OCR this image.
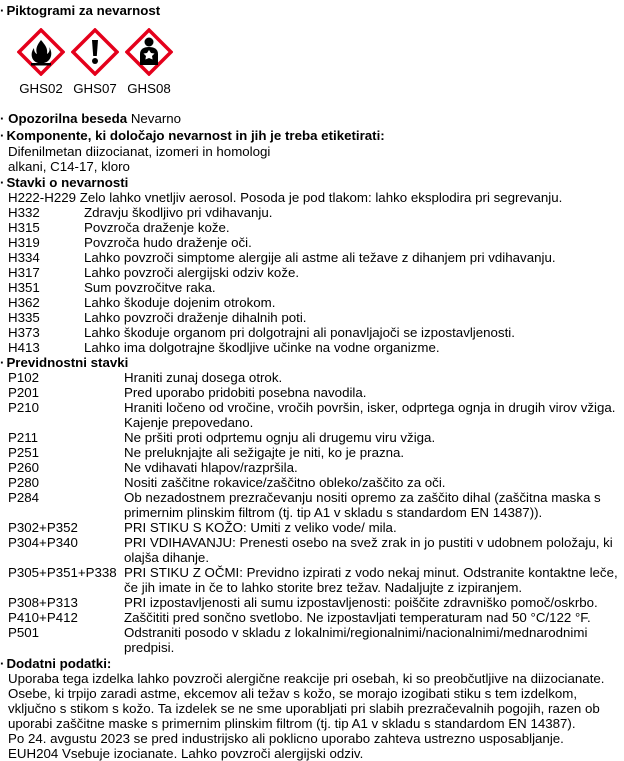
· Piktogrami za nevarnost
GHS02 GHS07 GHS08
· Opozorilna beseda Nevarno
· Komponente, ki določajo nevarnost in jih je treba etiketirati:
Difenilmetan diizocianat, izomeri in homologi
alkani, C14-17, kloro
· Stavki o nevarnosti
H222-H229 Zelo lahko vnetljiv aerosol. Posoda je pod tlakom: lahko eksplodira pri segrevanju.
H332	Zdravju škodljivo pri vdihavanju.
H315	Povzroča draženje kože.
H319	Povzroča hudo draženje oči.
H334	Lahko povzroči simptome alergije ali astme ali težave z dihanjem pri vdihavanju.
H317	Lahko povzroči alergijski odziv kože.
H351	Sum povzročitve raka.
H362	Lahko škoduje dojenim otrokom.
H335	Lahko povzroči draženje dihalnih poti.
H373	Lahko škoduje organom pri dolgotrajni ali ponavljajoči se izpostavljenosti.
H413	Lahko ima dolgotrajne škodljive učinke na vodne organizme.
· Previdnostni stavki
P102	Hraniti zunaj dosega otrok.
P201	Pred uporabo pridobiti posebna navodila.
P210	Hraniti ločeno od vročine, vročih površin, isker, odprtega ognja in drugih virov vžiga.
Kajenje prepovedano.
P211	Ne pršiti proti odprtemu ognju ali drugemu viru vžiga.
P251	Ne preluknjajte ali sežigajte je niti, ko je prazna.
P260	Ne vdihavati hlapov/razpršila.
P280	Nositi zaščitne rokavice/zaščitno obleko/zaščito za oči.
P284	Ob nezadostnem prezračevanju nositi opremo za zaščito dihal (zaščitna maska s
primernim plinskim filtrom (tj. tip A1 v skladu s standardom EN 14387)).
P302+P352	PRI STIKU S KOŽO: Umiti z veliko vode/ mila.
P304+P340	PRI VDIHAVANJU: Prenesti osebo na svež zrak in jo pustiti v udobnem položaju, ki
olajša dihanje.
P305+P351+P338 PRI STIKU Z OČMI: Previdno izpirati z vodo nekaj minut. Odstranite kontaktne leče,
če jih imate in če to lahko storite brez težav. Nadaljujte z izpiranjem.
P308+P313	PRI izpostavljenosti ali sumu izpostavljenosti: poiščite zdravniško pomoč/oskrbo.
P410+P412	Zaščititi pred sončno svetlobo. Ne izpostavljati temperaturam nad 50 °C/122 °F.
P501	Odstraniti posodo v skladu z lokalnimi/regionalnimi/nacionalnimi/mednarodnimi
predpisi.
· Dodatni podatki:
Uporaba tega izdelka lahko povzroči alergične reakcije pri osebah, ki so preobčutljive na diizocianate.
Osebe, ki trpijo zaradi astme, ekcemov ali težav s kožo, se morajo izogibati stiku s tem izdelkom,
vključno s stikom s kožo. Ta izdelek se ne sme uporabljati pri slabih prezračevalnih pogojih, razen ob
uporabi zaščitne maske s primernim plinskim filtrom (tj. tip A1 v skladu s standardom EN 14387).
Po 24. avgustu 2023 se pred industrijsko ali poklicno uporabo zahteva ustrezno usposabljanje.
EUH204 Vsebuje izocianate. Lahko povzroči alergijski odziv.
